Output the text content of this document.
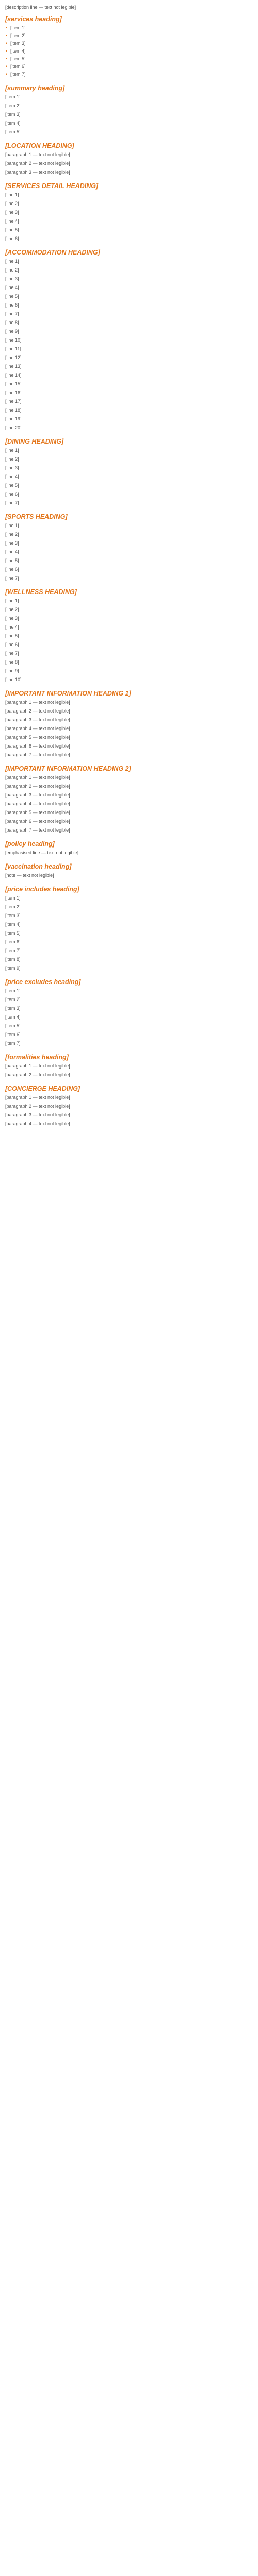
[description line — text not legible]
[services heading]
• [item 1]
• [item 2]
• [item 3]
• [item 4]
• [item 5]
• [item 6]
• [item 7]
[summary heading]
[item 1]
[item 2]
[item 3]
[item 4]
[item 5]
[LOCATION HEADING]

[paragraph 1 — text not legible]

[paragraph 2 — text not legible]

[paragraph 3 — text not legible]

[SERVICES DETAIL HEADING]
[line 1]
[line 2]
[line 3]
[line 4]
[line 5]
[line 6]
[ACCOMMODATION HEADING]
[line 1]
[line 2]
[line 3]
[line 4]
[line 5]
[line 6]
[line 7]
[line 8]
[line 9]
[line 10]
[line 11]
[line 12]
[line 13]
[line 14]
[line 15]
[line 16]
[line 17]
[line 18]
[line 19]
[line 20]
[DINING HEADING]
[line 1]
[line 2]
[line 3]
[line 4]
[line 5]
[line 6]
[line 7]
[SPORTS HEADING]
[line 1]
[line 2]
[line 3]
[line 4]
[line 5]
[line 6]
[line 7]
[WELLNESS HEADING]
[line 1]
[line 2]
[line 3]
[line 4]
[line 5]
[line 6]
[line 7]
[line 8]
[line 9]
[line 10]
[IMPORTANT INFORMATION HEADING 1]

[paragraph 1 — text not legible]

[paragraph 2 — text not legible]

[paragraph 3 — text not legible]

[paragraph 4 — text not legible]

[paragraph 5 — text not legible]

[paragraph 6 — text not legible]

[paragraph 7 — text not legible]

[IMPORTANT INFORMATION HEADING 2]

[paragraph 1 — text not legible]

[paragraph 2 — text not legible]

[paragraph 3 — text not legible]

[paragraph 4 — text not legible]

[paragraph 5 — text not legible]

[paragraph 6 — text not legible]

[paragraph 7 — text not legible]

[policy heading]

[emphasised line — text not legible]

[vaccination heading]

[note — text not legible]

[price includes heading]
[item 1]
[item 2]
[item 3]
[item 4]
[item 5]
[item 6]
[item 7]
[item 8]
[item 9]
[price excludes heading]
[item 1]
[item 2]
[item 3]
[item 4]
[item 5]
[item 6]
[item 7]
[formalities heading]

[paragraph 1 — text not legible]

[paragraph 2 — text not legible]

[CONCIERGE HEADING]

[paragraph 1 — text not legible]

[paragraph 2 — text not legible]

[paragraph 3 — text not legible]

[paragraph 4 — text not legible]
